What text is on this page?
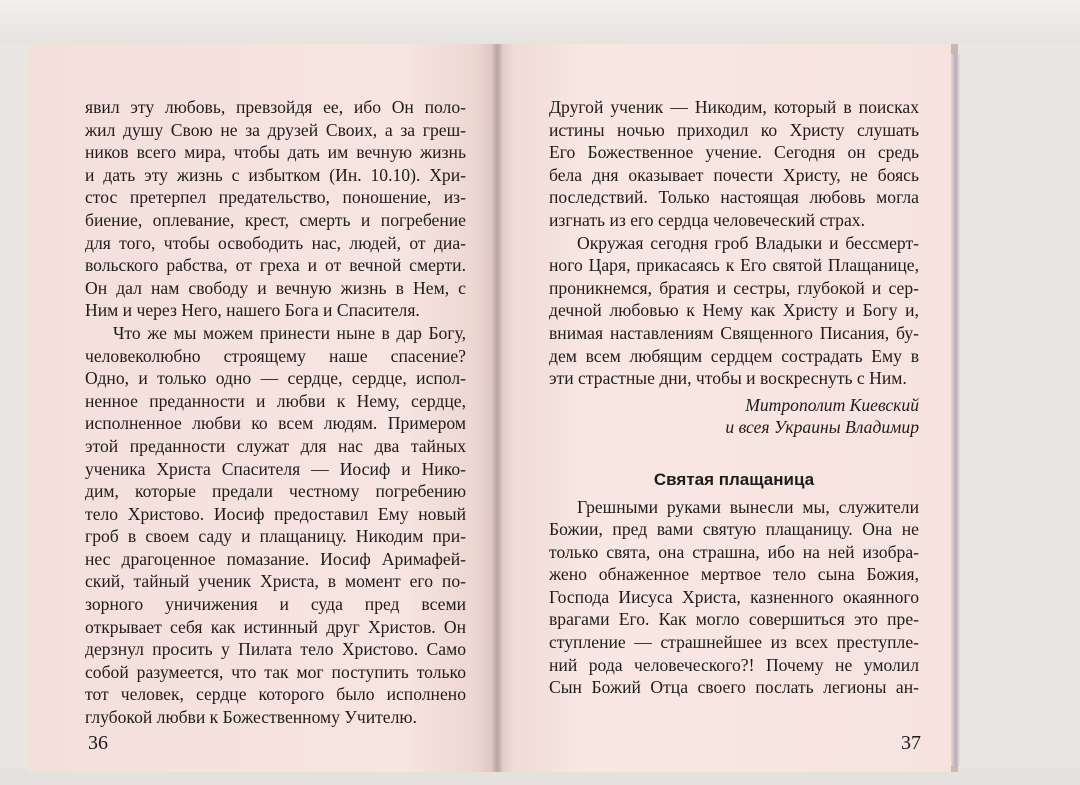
явил эту любовь, превзойдя ее, ибо Он поло-
жил душу Свою не за друзей Своих, а за греш-
ников всего мира, чтобы дать им вечную жизнь
и дать эту жизнь с избытком (Ин. 10.10). Хри-
стос претерпел предательство, поношение, из-
биение, оплевание, крест, смерть и погребение
для того, чтобы освободить нас, людей, от диа-
вольского рабства, от греха и от вечной смерти.
Он дал нам свободу и вечную жизнь в Нем, с
Ним и через Него, нашего Бога и Спасителя.
Что же мы можем принести ныне в дар Богу,
человеколюбно строящему наше спасение?
Одно, и только одно — сердце, сердце, испол-
ненное преданности и любви к Нему, сердце,
исполненное любви ко всем людям. Примером
этой преданности служат для нас два тайных
ученика Христа Спасителя — Иосиф и Нико-
дим, которые предали честному погребению
тело Христово. Иосиф предоставил Ему новый
гроб в своем саду и плащаницу. Никодим при-
нес драгоценное помазание. Иосиф Аримафей-
ский, тайный ученик Христа, в момент его по-
зорного уничижения и суда пред всеми
открывает себя как истинный друг Христов. Он
дерзнул просить у Пилата тело Христово. Само
собой разумеется, что так мог поступить только
тот человек, сердце которого было исполнено
глубокой любви к Божественному Учителю.
36
Другой ученик — Никодим, который в поисках
истины ночью приходил ко Христу слушать
Его Божественное учение. Сегодня он средь
бела дня оказывает почести Христу, не боясь
последствий. Только настоящая любовь могла
изгнать из его сердца человеческий страх.
Окружая сегодня гроб Владыки и бессмерт-
ного Царя, прикасаясь к Его святой Плащанице,
проникнемся, братия и сестры, глубокой и сер-
дечной любовью к Нему как Христу и Богу и,
внимая наставлениям Священного Писания, бу-
дем всем любящим сердцем сострадать Ему в
эти страстные дни, чтобы и воскреснуть с Ним.
Митрополит Киевский
и всея Украины Владимир
Святая плащаница
Грешными руками вынесли мы, служители
Божии, пред вами святую плащаницу. Она не
только свята, она страшна, ибо на ней изобра-
жено обнаженное мертвое тело сына Божия,
Господа Иисуса Христа, казненного окаянного
врагами Его. Как могло совершиться это пре-
ступление — страшнейшее из всех преступле-
ний рода человеческого?! Почему не умолил
Сын Божий Отца своего послать легионы ан-
37
